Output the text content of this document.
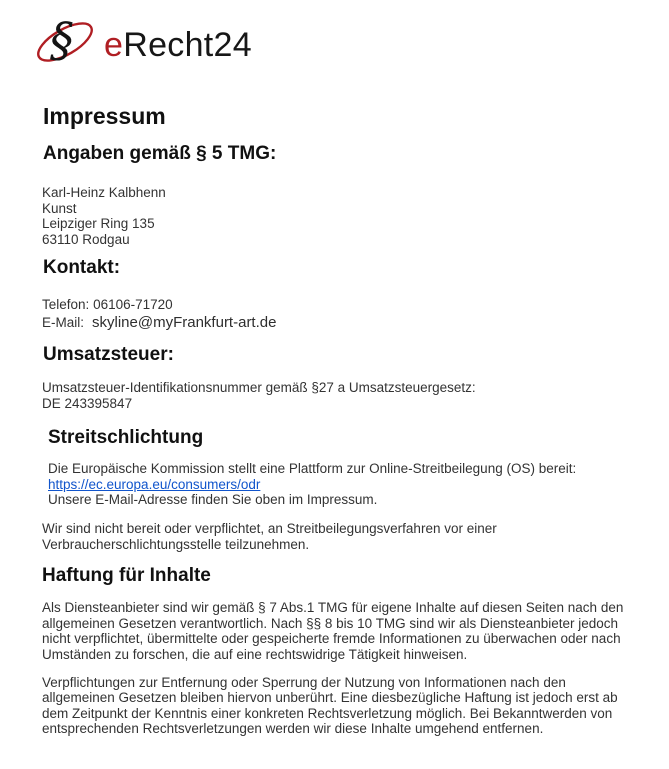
§ eRecht24
Impressum
Angaben gemäß § 5 TMG:
Karl-Heinz Kalbhenn
Kunst
Leipziger Ring 135
63110 Rodgau
Kontakt:
Telefon: 06106-71720
E-Mail: skyline@myFrankfurt-art.de
Umsatzsteuer:
Umsatzsteuer-Identifikationsnummer gemäß §27 a Umsatzsteuergesetz:
DE 243395847
Streitschlichtung
Die Europäische Kommission stellt eine Plattform zur Online-Streitbeilegung (OS) bereit:
https://ec.europa.eu/consumers/odr
Unsere E-Mail-Adresse finden Sie oben im Impressum.
Wir sind nicht bereit oder verpflichtet, an Streitbeilegungsverfahren vor einer Verbraucherschlichtungsstelle teilzunehmen.
Haftung für Inhalte
Als Diensteanbieter sind wir gemäß § 7 Abs.1 TMG für eigene Inhalte auf diesen Seiten nach den allgemeinen Gesetzen verantwortlich. Nach §§ 8 bis 10 TMG sind wir als Diensteanbieter jedoch nicht verpflichtet, übermittelte oder gespeicherte fremde Informationen zu überwachen oder nach Umständen zu forschen, die auf eine rechtswidrige Tätigkeit hinweisen.
Verpflichtungen zur Entfernung oder Sperrung der Nutzung von Informationen nach den allgemeinen Gesetzen bleiben hiervon unberührt. Eine diesbezügliche Haftung ist jedoch erst ab dem Zeitpunkt der Kenntnis einer konkreten Rechtsverletzung möglich. Bei Bekanntwerden von entsprechenden Rechtsverletzungen werden wir diese Inhalte umgehend entfernen.
